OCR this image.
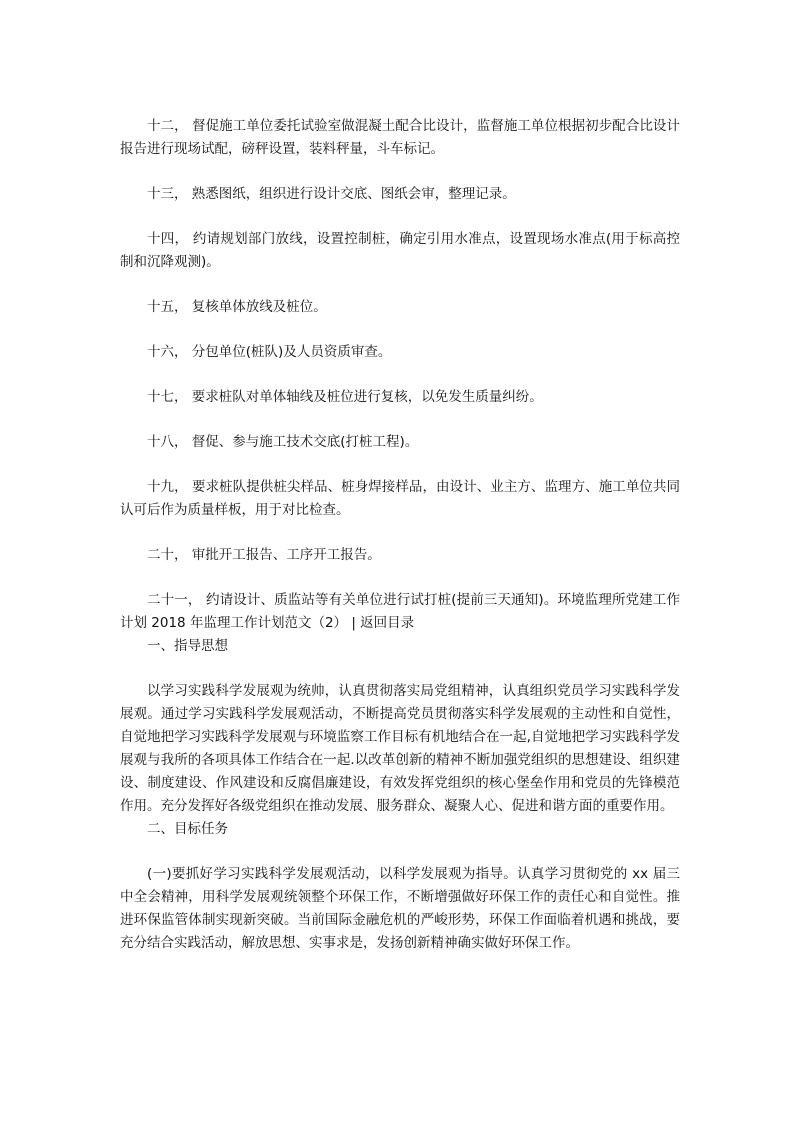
十二， 督促施工单位委托试验室做混凝土配合比设计，监督施工单位根据初步配合比设计报告进行现场试配，磅秤设置，装料秤量，斗车标记。

十三， 熟悉图纸，组织进行设计交底、图纸会审，整理记录。

十四， 约请规划部门放线，设置控制桩，确定引用水准点，设置现场水准点(用于标高控制和沉降观测)。

十五， 复核单体放线及桩位。

十六， 分包单位(桩队)及人员资质审查。

十七， 要求桩队对单体轴线及桩位进行复核，以免发生质量纠纷。

十八， 督促、参与施工技术交底(打桩工程)。

十九， 要求桩队提供桩尖样品、桩身焊接样品，由设计、业主方、监理方、施工单位共同认可后作为质量样板，用于对比检查。

二十， 审批开工报告、工序开工报告。

二十一， 约请设计、质监站等有关单位进行试打桩(提前三天通知)。环境监理所党建工作计划 2018 年监理工作计划范文（2） | 返回目录

一、指导思想

以学习实践科学发展观为统帅，认真贯彻落实局党组精神，认真组织党员学习实践科学发展观。通过学习实践科学发展观活动，不断提高党员贯彻落实科学发展观的主动性和自觉性，自觉地把学习实践科学发展观与环境监察工作目标有机地结合在一起,自觉地把学习实践科学发展观与我所的各项具体工作结合在一起.以改革创新的精神不断加强党组织的思想建设、组织建设、制度建设、作风建设和反腐倡廉建设，有效发挥党组织的核心堡垒作用和党员的先锋模范作用。充分发挥好各级党组织在推动发展、服务群众、凝聚人心、促进和谐方面的重要作用。

二、目标任务

(一)要抓好学习实践科学发展观活动，以科学发展观为指导。认真学习贯彻党的 xx 届三中全会精神，用科学发展观统领整个环保工作，不断增强做好环保工作的责任心和自觉性。推进环保监管体制实现新突破。当前国际金融危机的严峻形势，环保工作面临着机遇和挑战，要充分结合实践活动，解放思想、实事求是，发扬创新精神确实做好环保工作。
